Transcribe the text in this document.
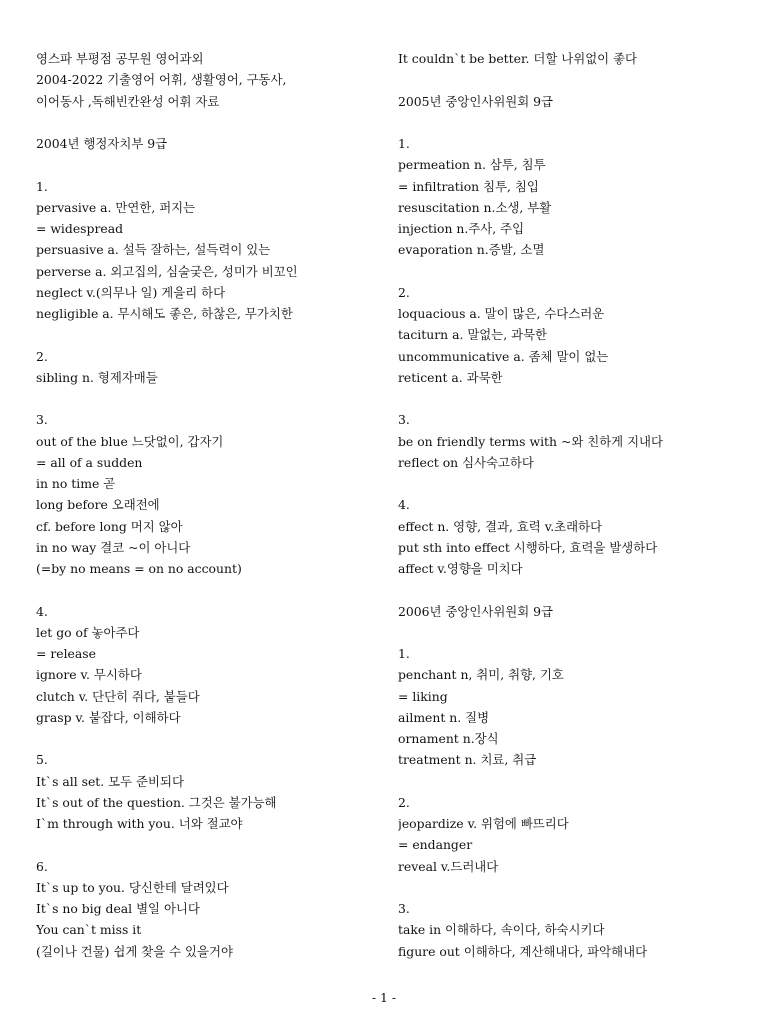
영스파 부평점 공무원 영어과외
2004-2022 기출영어 어휘, 생활영어, 구동사,
이어동사 ,독해빈칸완성 어휘 자료
2004년 행정자치부 9급
1.
pervasive a. 만연한, 퍼지는
= widespread
persuasive a. 설득 잘하는, 설득력이 있는
perverse a. 외고집의, 심술궂은, 성미가 비꼬인
neglect v.(의무나 일) 게을리 하다
negligible a. 무시해도 좋은, 하찮은, 무가치한
2.
sibling n. 형제자매들
3.
out of the blue 느닷없이, 갑자기
= all of a sudden
in no time 곧
long before 오래전에
cf. before long 머지 않아
in no way 결코 ~이 아니다
(=by no means = on no account)
4.
let go of 놓아주다
= release
ignore v. 무시하다
clutch v. 단단히 쥐다, 붙들다
grasp v. 붙잡다, 이해하다
5.
It`s all set. 모두 준비되다
It`s out of the question. 그것은 불가능해
I`m through with you. 너와 절교야
6.
It`s up to you. 당신한테 달려있다
It`s no big deal 별일 아니다
You can`t miss it
(길이나 건물) 쉽게 찾을 수 있을거야
It couldn`t be better. 더할 나위없이 좋다
2005년 중앙인사위원회 9급
1.
permeation n. 삼투, 침투
= infiltration 침투, 침입
resuscitation n.소생, 부활
injection n.주사, 주입
evaporation n.증발, 소멸
2.
loquacious a. 말이 많은, 수다스러운
taciturn a. 말없는, 과묵한
uncommunicative a. 좀체 말이 없는
reticent a. 과묵한
3.
be on friendly terms with ~와 친하게 지내다
reflect on 심사숙고하다
4.
effect n. 영향, 결과, 효력 v.초래하다
put sth into effect 시행하다, 효력을 발생하다
affect v.영향을 미치다
2006년 중앙인사위원회 9급
1.
penchant n, 취미, 취향, 기호
= liking
ailment n. 질병
ornament n.장식
treatment n. 치료, 취급
2.
jeopardize v. 위험에 빠뜨리다
= endanger
reveal v.드러내다
3.
take in 이해하다, 속이다, 하숙시키다
figure out 이해하다, 계산해내다, 파악해내다
- 1 -
